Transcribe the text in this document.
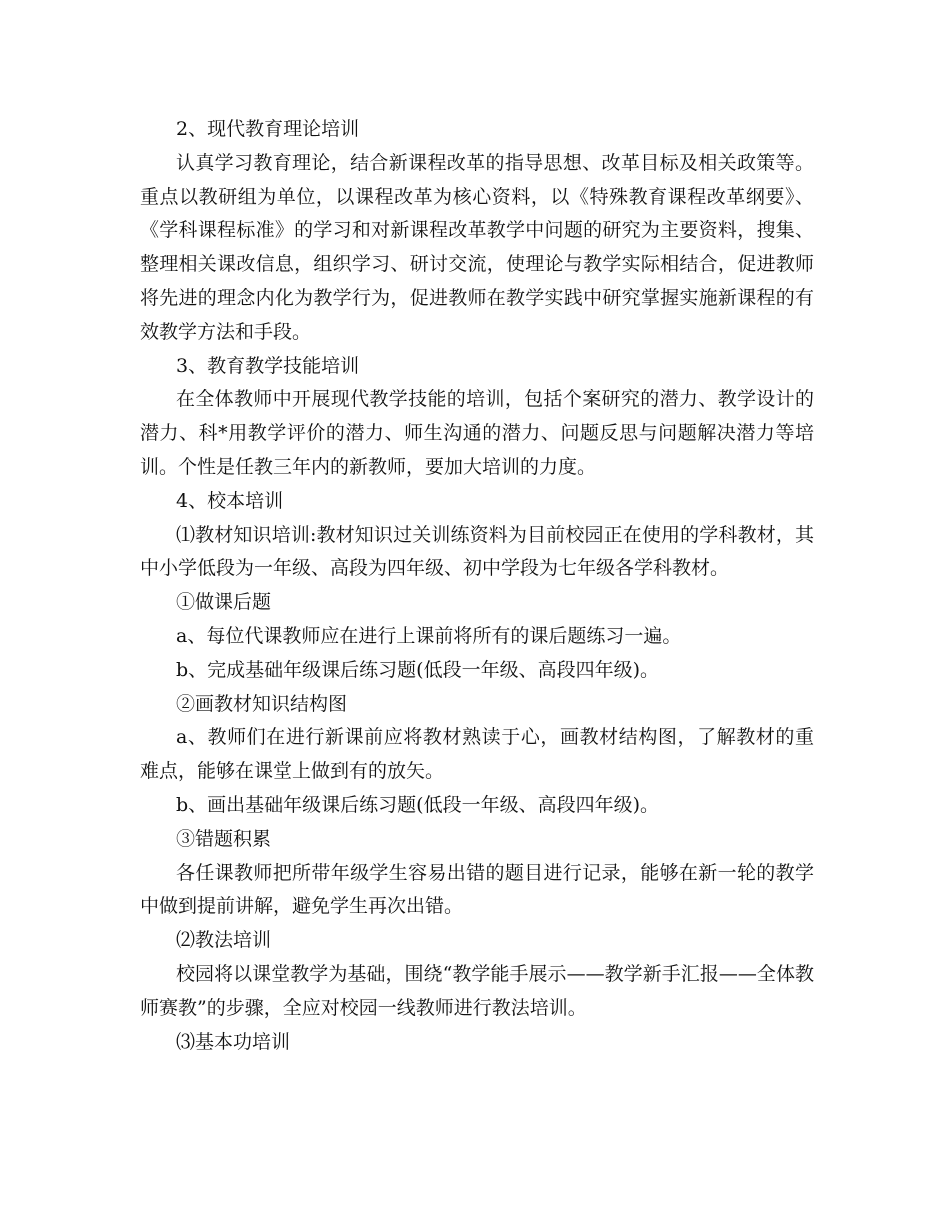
2、现代教育理论培训

认真学习教育理论，结合新课程改革的指导思想、改革目标及相关政策等。重点以教研组为单位，以课程改革为核心资料，以《特殊教育课程改革纲要》、《学科课程标准》的学习和对新课程改革教学中问题的研究为主要资料，搜集、整理相关课改信息，组织学习、研讨交流，使理论与教学实际相结合，促进教师将先进的理念内化为教学行为，促进教师在教学实践中研究掌握实施新课程的有效教学方法和手段。

3、教育教学技能培训

在全体教师中开展现代教学技能的培训，包括个案研究的潜力、教学设计的潜力、科*用教学评价的潜力、师生沟通的潜力、问题反思与问题解决潜力等培训。个性是任教三年内的新教师，要加大培训的力度。

4、校本培训

⑴教材知识培训:教材知识过关训练资料为目前校园正在使用的学科教材，其中小学低段为一年级、高段为四年级、初中学段为七年级各学科教材。

①做课后题

a、每位代课教师应在进行上课前将所有的课后题练习一遍。

b、完成基础年级课后练习题(低段一年级、高段四年级)。

②画教材知识结构图

a、教师们在进行新课前应将教材熟读于心，画教材结构图，了解教材的重难点，能够在课堂上做到有的放矢。

b、画出基础年级课后练习题(低段一年级、高段四年级)。

③错题积累

各任课教师把所带年级学生容易出错的题目进行记录，能够在新一轮的教学中做到提前讲解，避免学生再次出错。

⑵教法培训

校园将以课堂教学为基础，围绕“教学能手展示——教学新手汇报——全体教师赛教”的步骤，全应对校园一线教师进行教法培训。

⑶基本功培训
